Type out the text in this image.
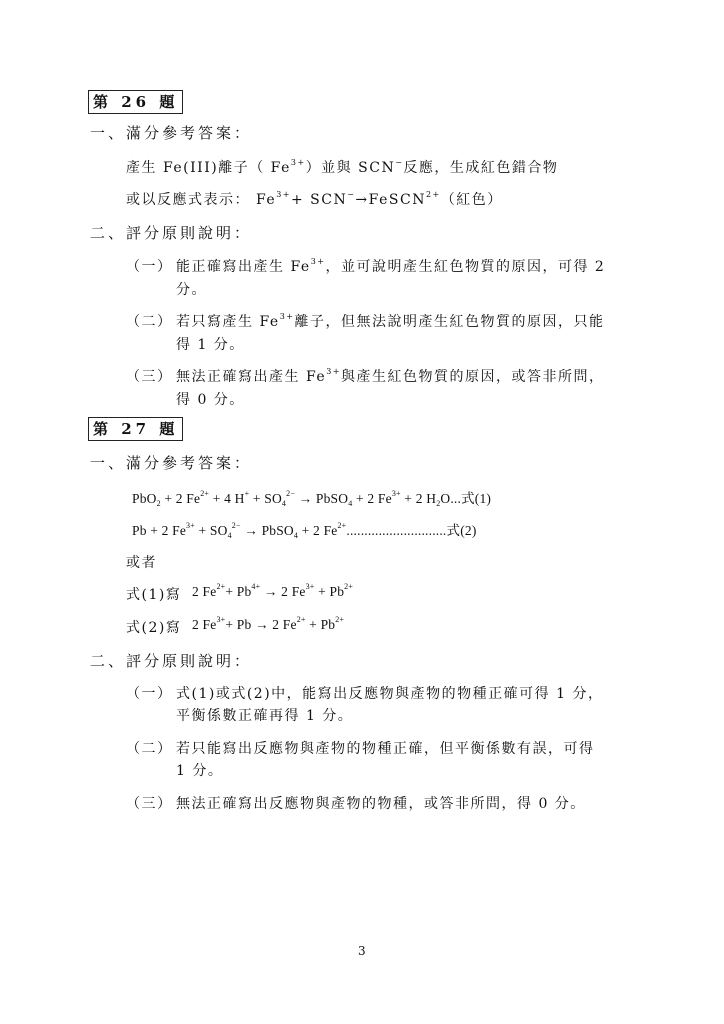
第 26 題
一、滿分參考答案：
產生 Fe(III)離子（ $Fe^{3+}$）並與 SCN−反應，生成紅色錯合物
或以反應式表示： $Fe^{3+}+$ SCN−→FeSCN$^{2+}$（紅色）
二、評分原則說明：
（一） 能正確寫出產生 $Fe^{3+}$，並可說明產生紅色物質的原因，可得 2
分。
（二） 若只寫產生 $Fe^{3+}$離子，但無法說明產生紅色物質的原因，只能
得 1 分。
（三） 無法正確寫出產生 $Fe^{3+}$與產生紅色物質的原因，或答非所問，
得 0 分。
第 27 題
一、滿分參考答案：
PbO$_2$ + 2 $Fe^{2+} + 4$ $H^+ + SO_4^{2-}$ → PbSO$_4$ + 2 $Fe^{3+} + 2$ $H_2O$...式(1)
Pb + 2 $Fe^{3+} + SO_4^{2-}$ → PbSO$_4$ + 2 $Fe^{2+}$............................式(2)
或者
式(1)寫 2 $Fe^{2+}+ Pb^{4+} \to 2$ $Fe^{3+} + Pb^{2+}$
式(2)寫 2 $Fe^{3+}+ Pb \to 2$ $Fe^{2+} + Pb^{2+}$
二、評分原則說明：
（一） 式(1)或式(2)中，能寫出反應物與產物的物種正確可得 1 分，
平衡係數正確再得 1 分。
（二） 若只能寫出反應物與產物的物種正確，但平衡係數有誤，可得
1 分。
（三） 無法正確寫出反應物與產物的物種，或答非所問，得 0 分。
3
